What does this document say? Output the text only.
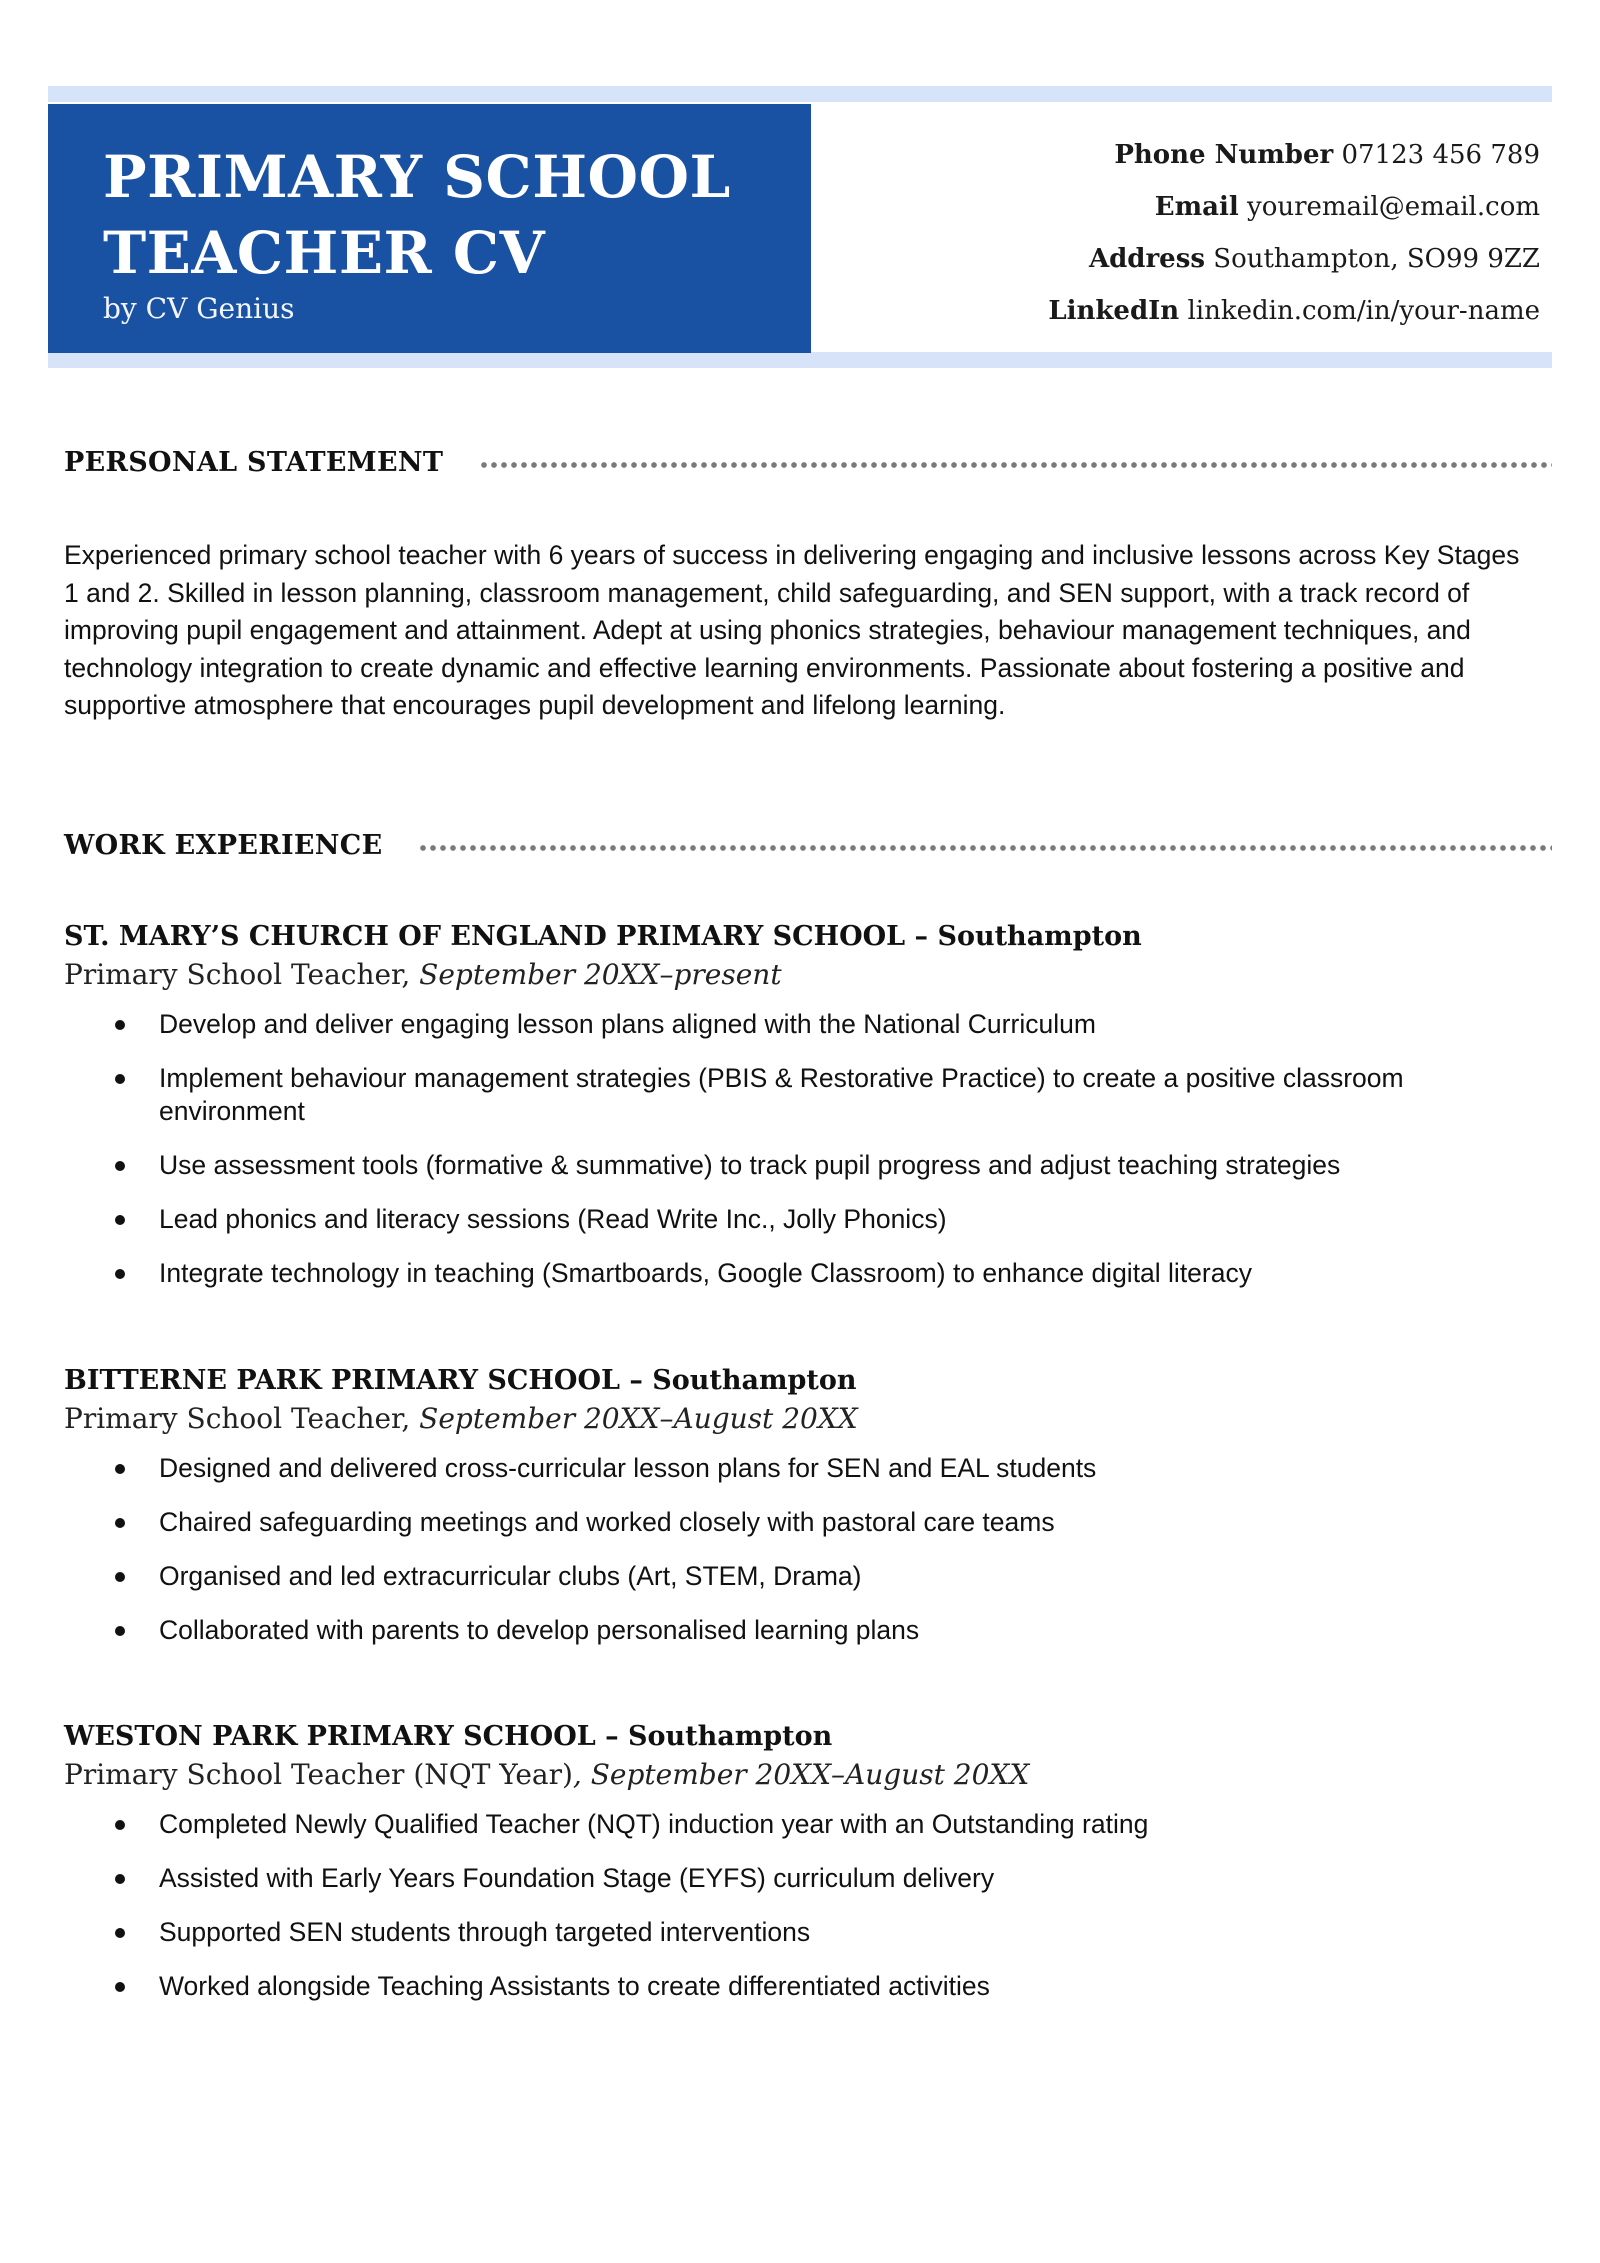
PRIMARY SCHOOL
TEACHER CV

by CV Genius

Phone Number 07123 456 789
Email youremail@email.com
Address Southampton, SO99 9ZZ
LinkedIn linkedin.com/in/your-name
PERSONAL STATEMENT

Experienced primary school teacher with 6 years of success in delivering engaging and inclusive lessons across Key Stages 1 and 2. Skilled in lesson planning, classroom management, child safeguarding, and SEN support, with a track record of improving pupil engagement and attainment. Adept at using phonics strategies, behaviour management techniques, and technology integration to create dynamic and effective learning environments. Passionate about fostering a positive and supportive atmosphere that encourages pupil development and lifelong learning.

WORK EXPERIENCE
ST. MARY’S CHURCH OF ENGLAND PRIMARY SCHOOL – Southampton
Primary School Teacher, September 20XX–present
Develop and deliver engaging lesson plans aligned with the National Curriculum
Implement behaviour management strategies (PBIS & Restorative Practice) to create a positive classroom environment
Use assessment tools (formative & summative) to track pupil progress and adjust teaching strategies
Lead phonics and literacy sessions (Read Write Inc., Jolly Phonics)
Integrate technology in teaching (Smartboards, Google Classroom) to enhance digital literacy
BITTERNE PARK PRIMARY SCHOOL – Southampton
Primary School Teacher, September 20XX–August 20XX
Designed and delivered cross-curricular lesson plans for SEN and EAL students
Chaired safeguarding meetings and worked closely with pastoral care teams
Organised and led extracurricular clubs (Art, STEM, Drama)
Collaborated with parents to develop personalised learning plans
WESTON PARK PRIMARY SCHOOL – Southampton
Primary School Teacher (NQT Year), September 20XX–August 20XX
Completed Newly Qualified Teacher (NQT) induction year with an Outstanding rating
Assisted with Early Years Foundation Stage (EYFS) curriculum delivery
Supported SEN students through targeted interventions
Worked alongside Teaching Assistants to create differentiated activities
